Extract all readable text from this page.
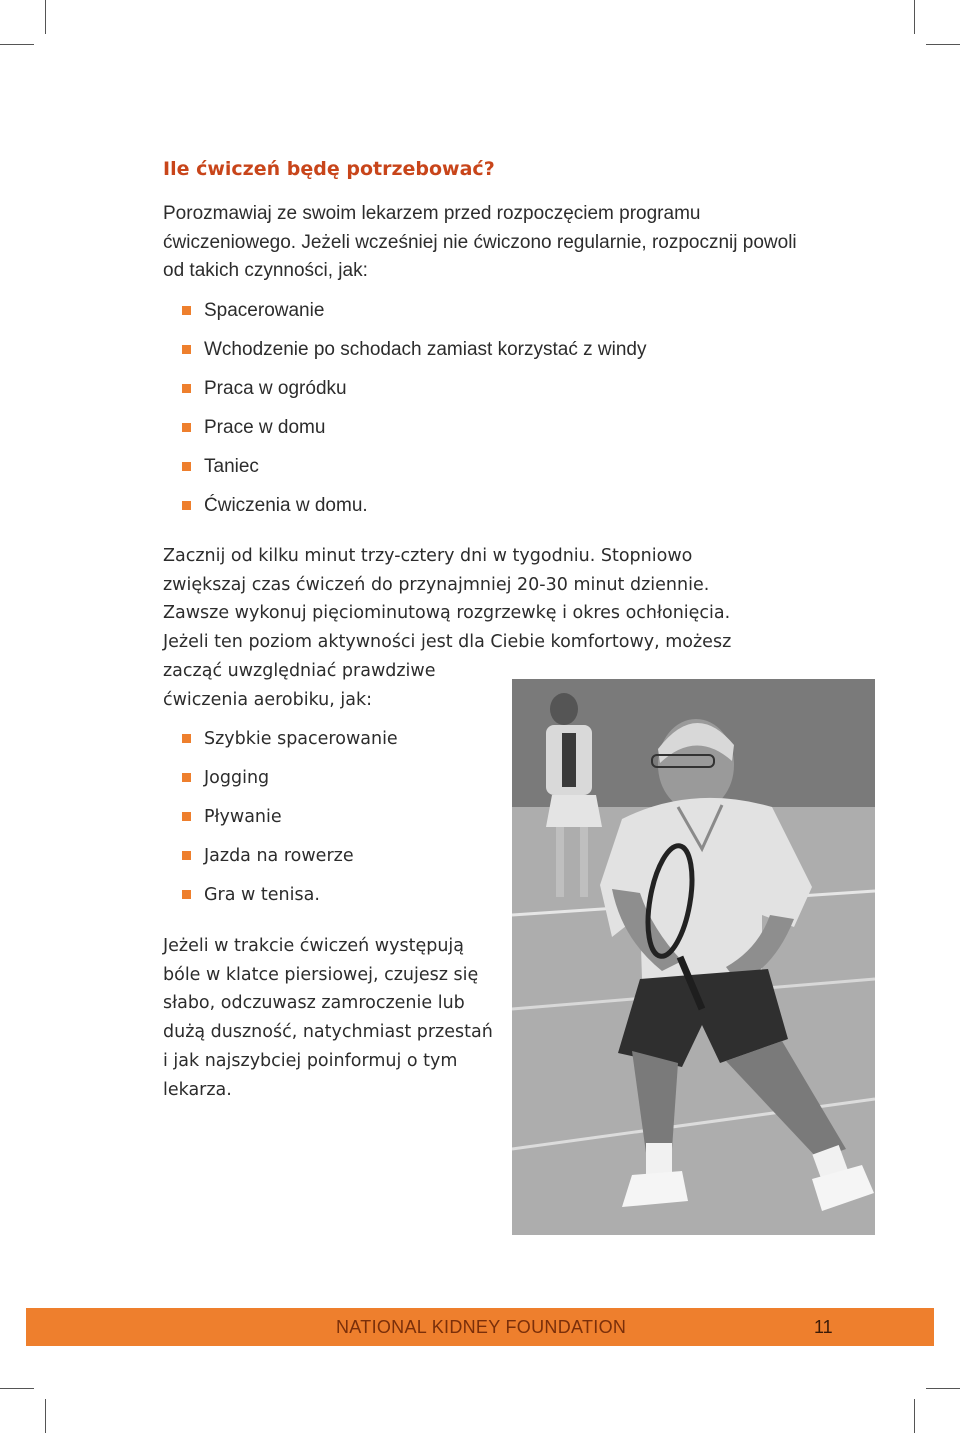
Ile ćwiczeń będę potrzebować?

Porozmawiaj ze swoim lekarzem przed rozpoczęciem programu ćwiczeniowego. Jeżeli wcześniej nie ćwiczono regularnie, rozpocznij powoli od takich czynności, jak:

Spacerowanie
Wchodzenie po schodach zamiast korzystać z windy
Praca w ogródku
Prace w domu
Taniec
Ćwiczenia w domu.
Zacznij od kilku minut trzy-cztery dni w tygodniu. Stopniowo
zwiększaj czas ćwiczeń do przynajmniej 20-30 minut dziennie.
Zawsze wykonuj pięciominutową rozgrzewkę i okres ochłonięcia.
Jeżeli ten poziom aktywności jest dla Ciebie komfortowy, możesz
zacząć uwzględniać prawdziwe
ćwiczenia aerobiku, jak:
Szybkie spacerowanie
Jogging
Pływanie
Jazda na rowerze
Gra w tenisa.

Jeżeli w trakcie ćwiczeń występują bóle w klatce piersiowej, czujesz się słabo, odczuwasz zamroczenie lub dużą duszność, natychmiast przestań i jak najszybciej poinformuj o tym lekarza.

NATIONAL KIDNEY FOUNDATION	11
